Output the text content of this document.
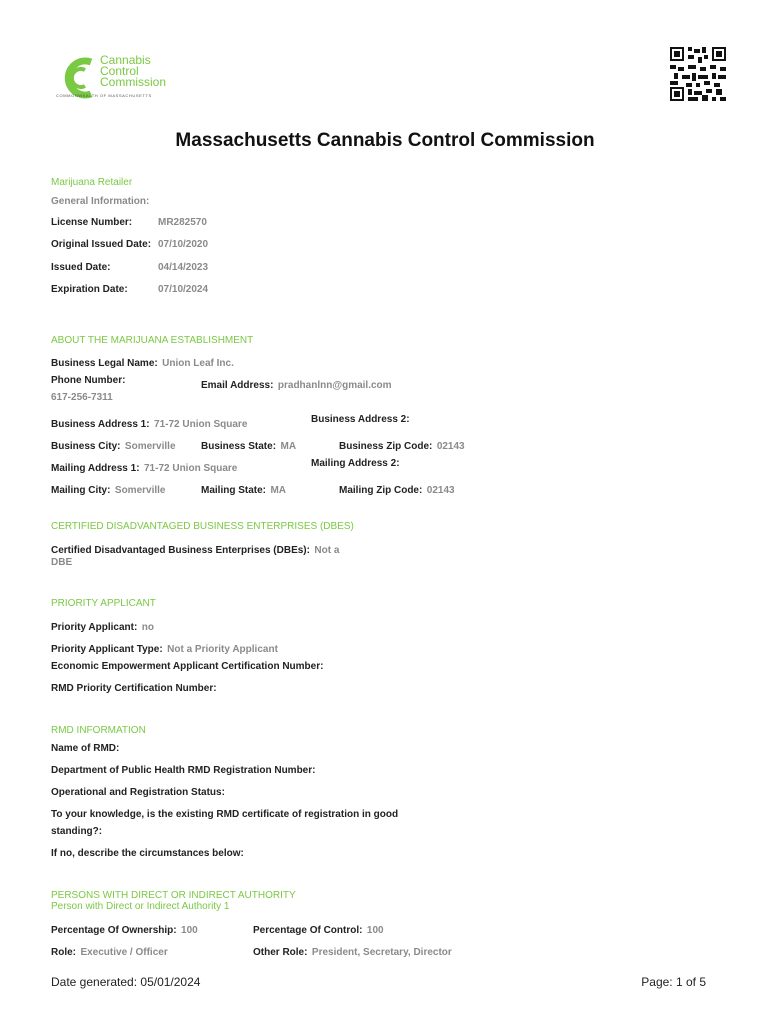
Cannabis
Control
Commission
COMMONWEALTH OF MASSACHUSETTS
Massachusetts Cannabis Control Commission
Marijuana Retailer
General Information:
License Number:	MR282570
Original Issued Date: 07/10/2020
Issued Date:	04/14/2023
Expiration Date:	07/10/2024
ABOUT THE MARIJUANA ESTABLISHMENT
Business Legal Name: Union Leaf Inc.
Phone Number:	Email Address: pradhanlnn@gmail.com
617-256-7311
Business Address 1: 71-72 Union Square	Business Address 2:
Business City: Somerville	Business State: MA	Business Zip Code: 02143
Mailing Address 1: 71-72 Union Square	Mailing Address 2:
Mailing City: Somerville	Mailing State: MA	Mailing Zip Code: 02143
CERTIFIED DISADVANTAGED BUSINESS ENTERPRISES (DBES)
Certified Disadvantaged Business Enterprises (DBEs): Not a
DBE
PRIORITY APPLICANT
Priority Applicant: no
Priority Applicant Type: Not a Priority Applicant
Economic Empowerment Applicant Certification Number:
RMD Priority Certification Number:
RMD INFORMATION
Name of RMD:
Department of Public Health RMD Registration Number:
Operational and Registration Status:
To your knowledge, is the existing RMD certificate of registration in good
standing?:
If no, describe the circumstances below:
PERSONS WITH DIRECT OR INDIRECT AUTHORITY
Person with Direct or Indirect Authority 1
Percentage Of Ownership: 100	Percentage Of Control: 100
Role: Executive / Officer	Other Role: President, Secretary, Director
Date generated: 05/01/2024	Page: 1 of 5
